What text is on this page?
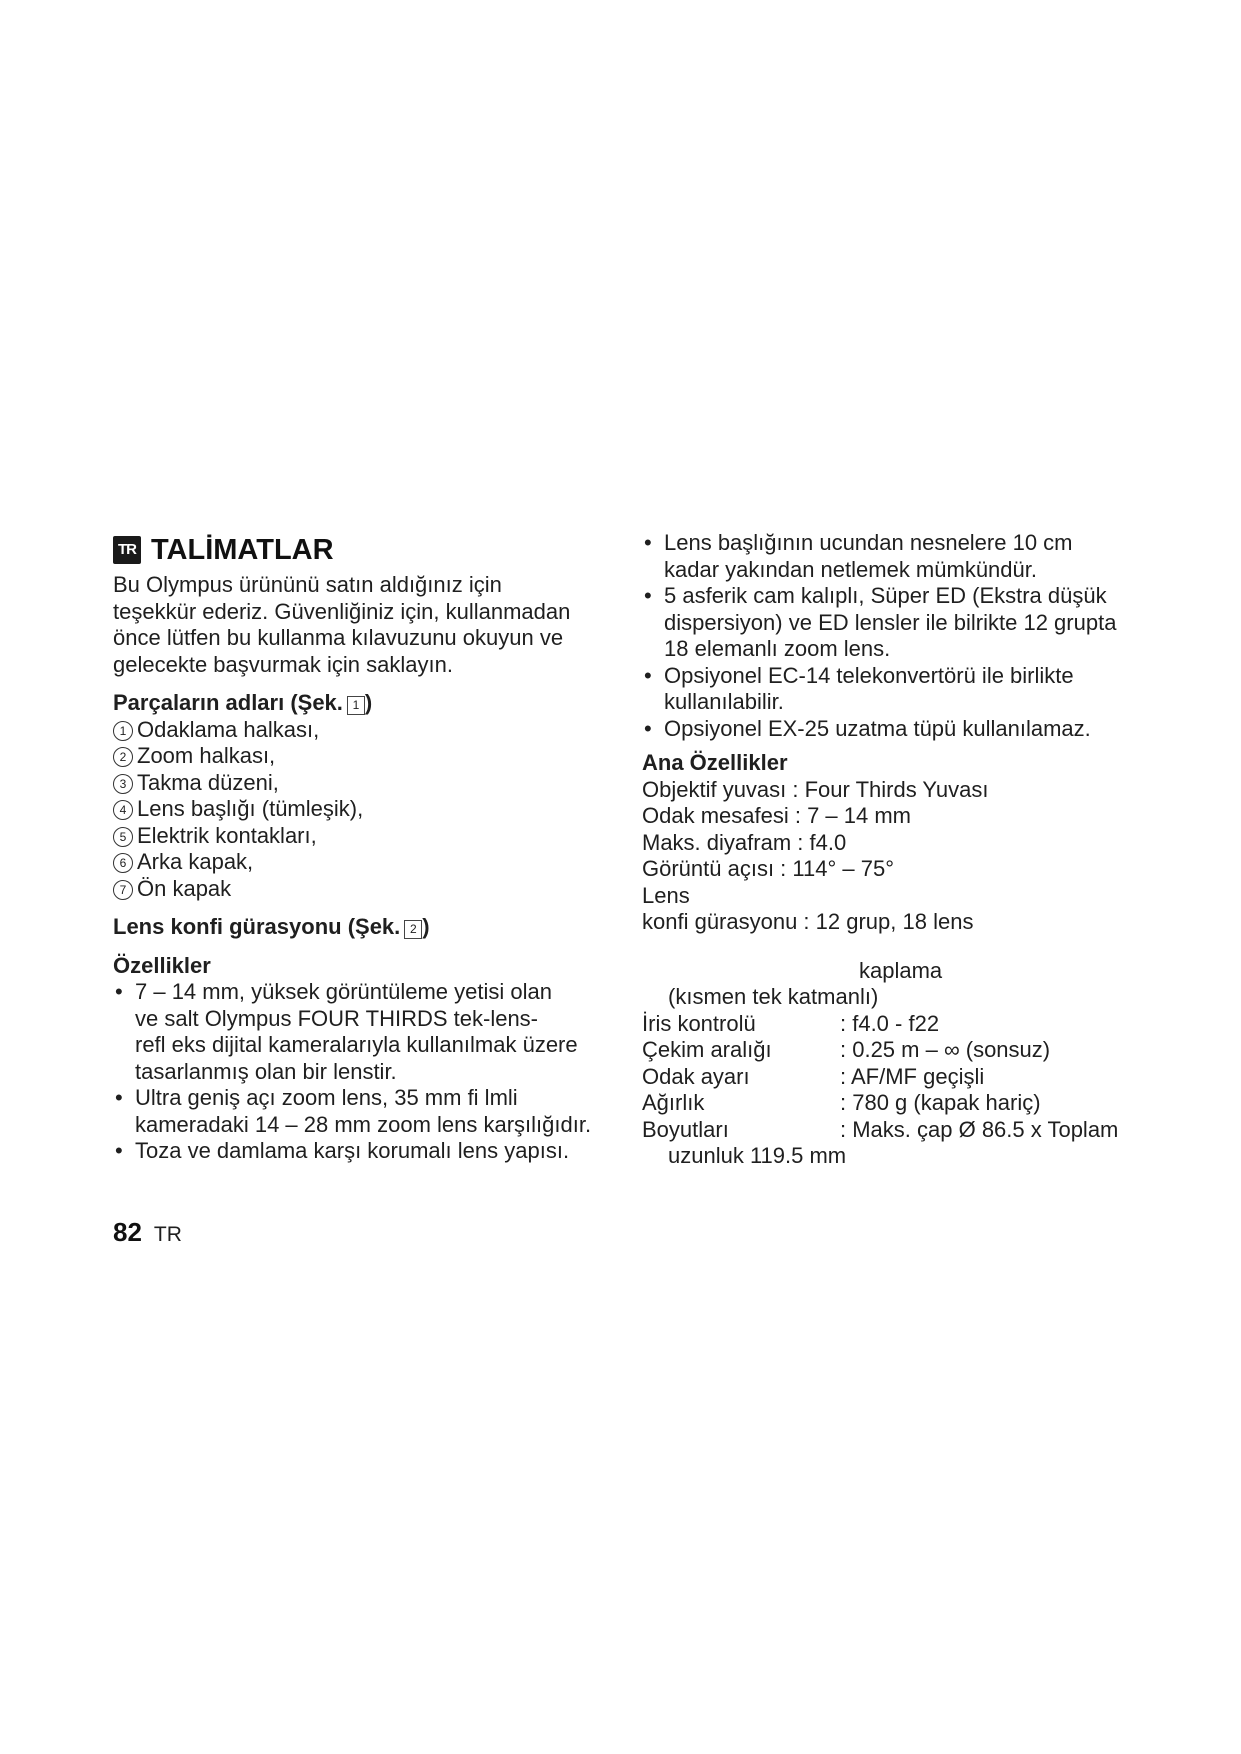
TR TALİMATLAR

Bu Olympus ürününü satın aldığınız için

teşekkür ederiz. Güvenliğiniz için, kullanmadan

önce lütfen bu kullanma kılavuzunu okuyun ve

gelecekte başvurmak için saklayın.

Parçaların adları (Şek. 1 )

1 Odaklama halkası,
2 Zoom halkası,
3 Takma düzeni,
4 Lens başlığı (tümleşik),
5 Elektrik kontakları,
6 Arka kapak,
7 Ön kapak

Lens konfi gürasyonu (Şek. 2 )

Özellikler

• 7 – 14 mm, yüksek görüntüleme yetisi olan
ve salt Olympus FOUR THIRDS tek-lens-
refl eks dijital kameralarıyla kullanılmak üzere
tasarlanmış olan bir lenstir.
• Ultra geniş açı zoom lens, 35 mm fi lmli
kameradaki 14 – 28 mm zoom lens karşılığıdır.
• Toza ve damlama karşı korumalı lens yapısı.
• Lens başlığının ucundan nesnelere 10 cm
kadar yakından netlemek mümkündür.
• 5 asferik cam kalıplı, Süper ED (Ekstra düşük
dispersiyon) ve ED lensler ile bilrikte 12 grupta
18 elemanlı zoom lens.
• Opsiyonel EC-14 telekonvertörü ile birlikte
kullanılabilir.
• Opsiyonel EX-25 uzatma tüpü kullanılamaz.

Ana Özellikler

Objektif yuvası : Four Thirds Yuvası

Odak mesafesi : 7 – 14 mm

Maks. diyafram : f4.0

Görüntü açısı : 114° – 75°

Lens

konfi gürasyonu : 12 grup, 18 lens

kaplama

(kısmen tek katmanlı)

İris kontrolü	: f4.0 - f22
Çekim aralığı	: 0.25 m – ∞ (sonsuz)
Odak ayarı	: AF/MF geçişli
Ağırlık	: 780 g (kapak hariç)
Boyutları	: Maks. çap Ø 86.5 x Toplam

uzunluk 119.5 mm

82 TR
